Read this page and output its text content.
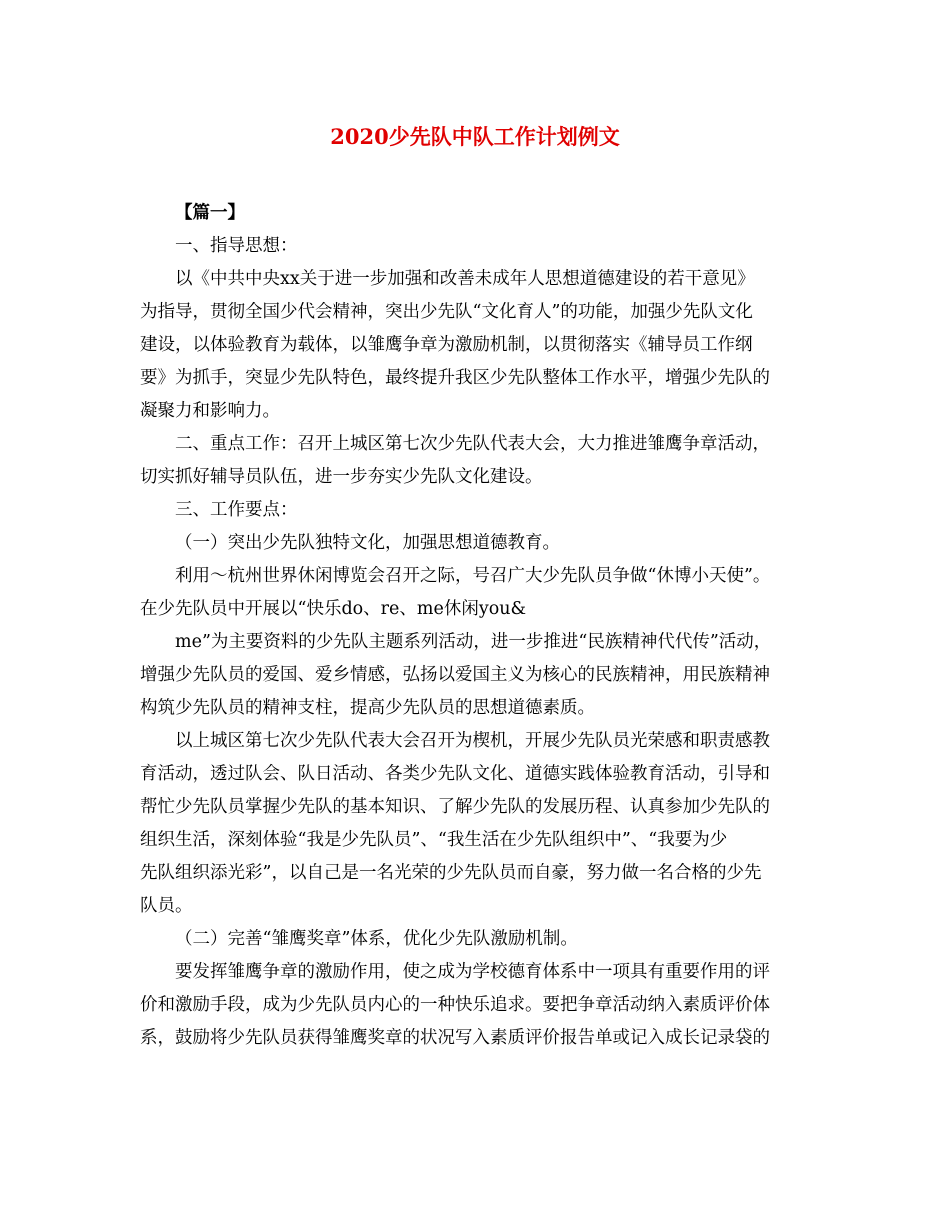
2020少先队中队工作计划例文

【篇一】

一、指导思想：

以《中共中央xx关于进一步加强和改善未成年人思想道德建设的若干意见》

为指导，贯彻全国少代会精神，突出少先队“文化育人”的功能，加强少先队文化

建设，以体验教育为载体，以雏鹰争章为激励机制，以贯彻落实《辅导员工作纲

要》为抓手，突显少先队特色，最终提升我区少先队整体工作水平，增强少先队的

凝聚力和影响力。

二、重点工作：召开上城区第七次少先队代表大会，大力推进雏鹰争章活动，

切实抓好辅导员队伍，进一步夯实少先队文化建设。

三、工作要点：

（一）突出少先队独特文化，加强思想道德教育。

利用～杭州世界休闲博览会召开之际，号召广大少先队员争做“休博小天使”。

在少先队员中开展以“快乐do、re、me休闲you&

me”为主要资料的少先队主题系列活动，进一步推进“民族精神代代传”活动，

增强少先队员的爱国、爱乡情感，弘扬以爱国主义为核心的民族精神，用民族精神

构筑少先队员的精神支柱，提高少先队员的思想道德素质。

以上城区第七次少先队代表大会召开为楔机，开展少先队员光荣感和职责感教

育活动，透过队会、队日活动、各类少先队文化、道德实践体验教育活动，引导和

帮忙少先队员掌握少先队的基本知识、了解少先队的发展历程、认真参加少先队的

组织生活，深刻体验“我是少先队员”、“我生活在少先队组织中”、“我要为少

先队组织添光彩”，以自己是一名光荣的少先队员而自豪，努力做一名合格的少先

队员。

（二）完善“雏鹰奖章”体系，优化少先队激励机制。

要发挥雏鹰争章的激励作用，使之成为学校德育体系中一项具有重要作用的评

价和激励手段，成为少先队员内心的一种快乐追求。要把争章活动纳入素质评价体

系，鼓励将少先队员获得雏鹰奖章的状况写入素质评价报告单或记入成长记录袋的
